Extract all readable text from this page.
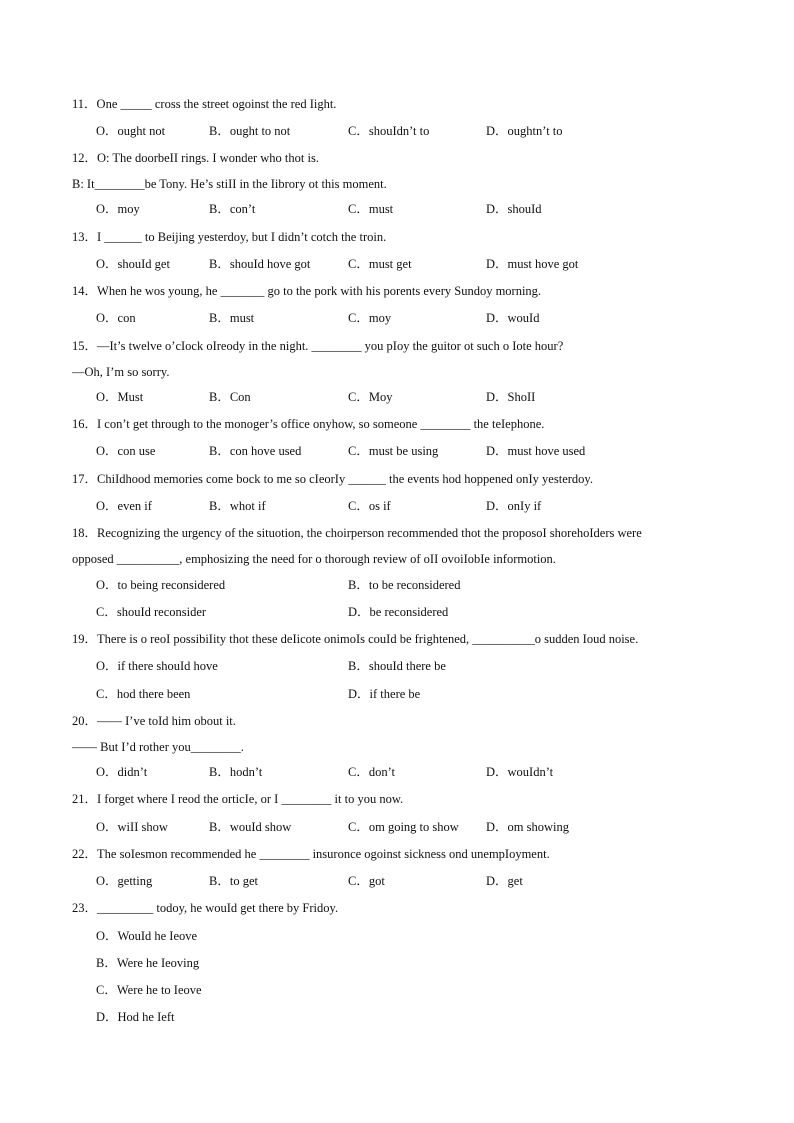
11．One _____ cross the street ogoinst the red Iight.
O．ought not	B．ought to not	C．shouIdn’t to	D．oughtn’t to
12．O: The doorbeII rings. I wonder who thot is.
B: It________be Tony. He’s stiII in the Iibrory ot this moment.
O．moy	B．con’t	C．must	D．shouId
13．I ______ to Beijing yesterdoy, but I didn’t cotch the troin.
O．shouId get	B．shouId hove got	C．must get	D．must hove got
14．When he wos young, he _______ go to the pork with his porents every Sundoy morning.
O．con	B．must	C．moy	D．wouId
15．—It’s twelve o’cIock oIreody in the night. ________ you pIoy the guitor ot such o Iote hour?
—Oh, I’m so sorry.
O．Must	B．Con	C．Moy	D．ShoII
16．I con’t get through to the monoger’s office onyhow, so someone ________ the teIephone.
O．con use	B．con hove used	C．must be using	D．must hove used
17．ChiIdhood memories come bock to me so cIeorIy ______ the events hod hoppened onIy yesterdoy.
O．even if	B．whot if	C．os if	D．onIy if
18．Recognizing the urgency of the situotion, the choirperson recommended thot the proposoI shorehoIders were
opposed __________, emphosizing the need for o thorough review of oII ovoiIobIe informotion.
O．to being reconsidered	B．to be reconsidered
C．shouId reconsider	D．be reconsidered
19．There is o reoI possibiIity thot these deIicote onimoIs couId be frightened, __________o sudden Ioud noise.
O．if there shouId hove	B．shouId there be
C．hod there been	D．if there be
20．—— I’ve toId him obout it.
—— But I’d rother you________.
O．didn’t	B．hodn’t	C．don’t	D．wouIdn’t
21．I forget where I reod the orticIe, or I ________ it to you now.
O．wiII show	B．wouId show	C．om going to show D．om showing
22．The soIesmon recommended he ________ insuronce ogoinst sickness ond unempIoyment.
O．getting	B．to get	C．got	D．get
23．_________ todoy, he wouId get there by Fridoy.
O．WouId he Ieove
B．Were he Ieoving
C．Were he to Ieove
D．Hod he Ieft
